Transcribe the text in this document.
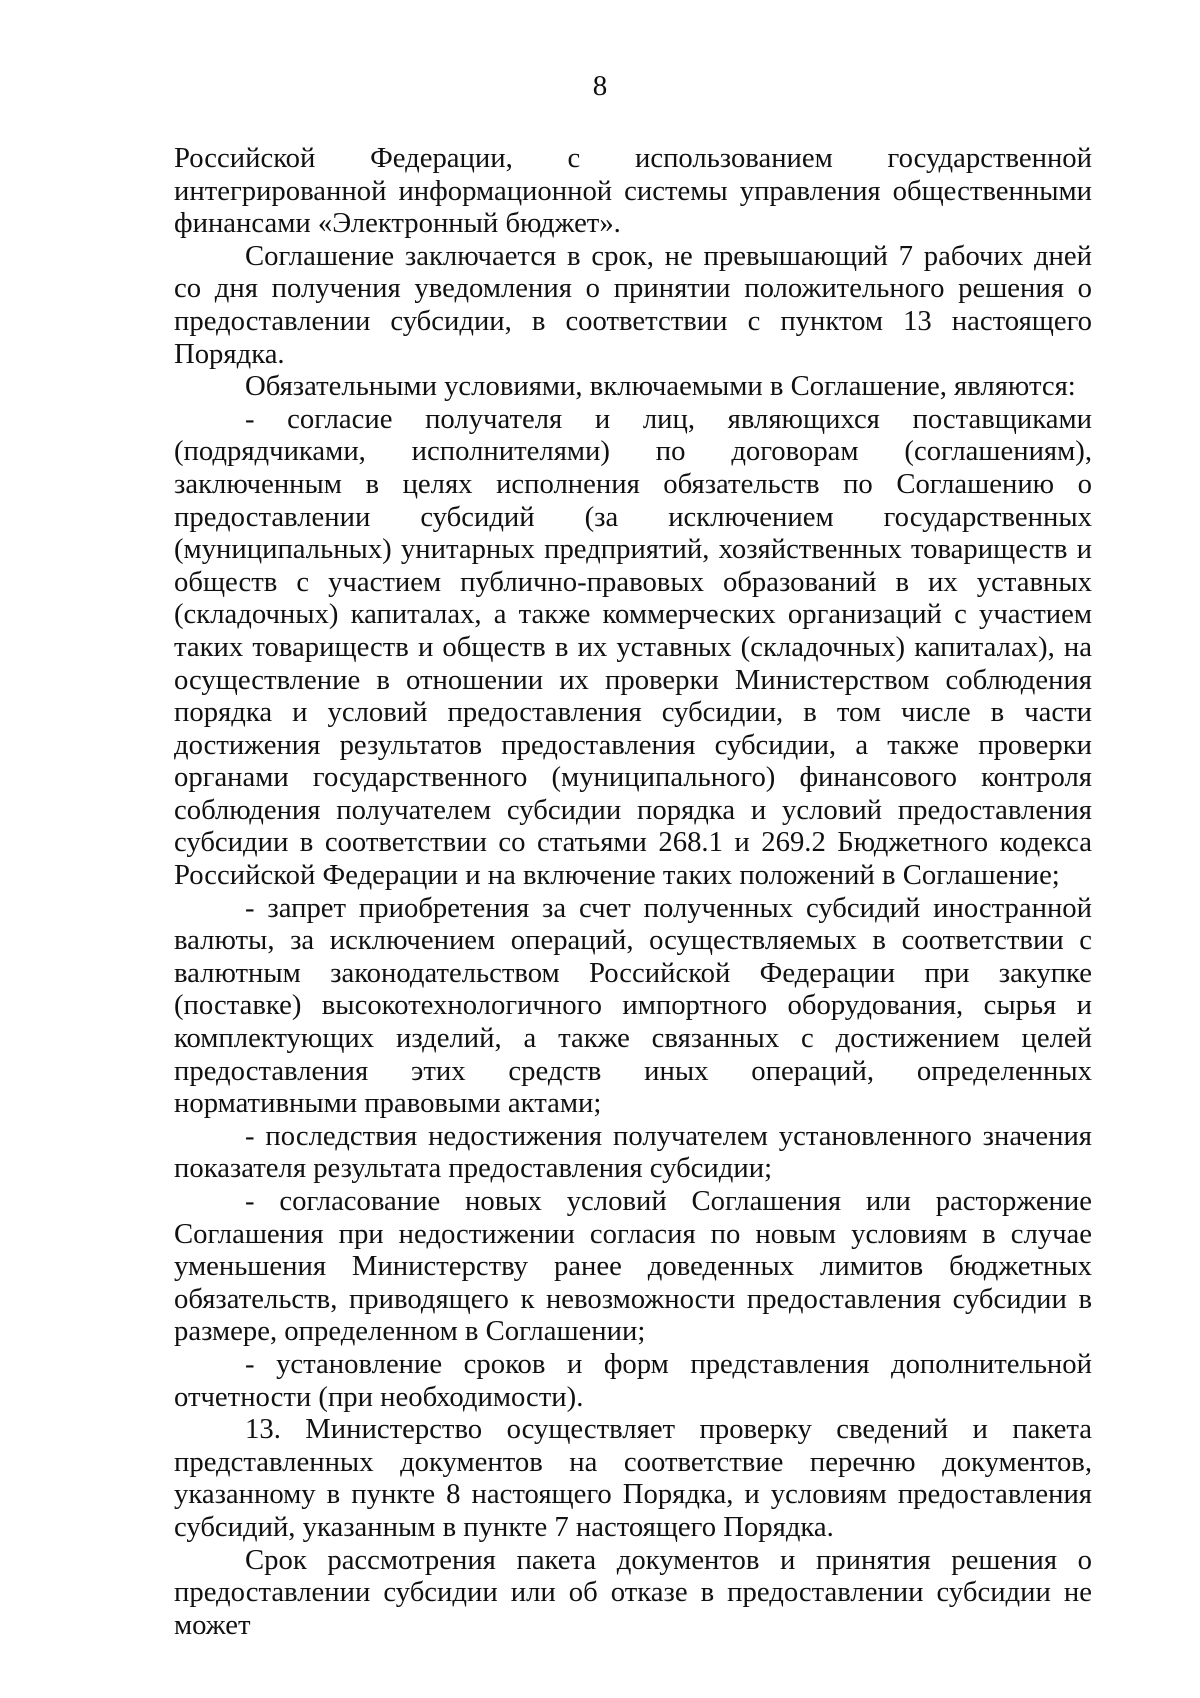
8

Российской Федерации, с использованием государственной интегрированной информационной системы управления общественными финансами «Электронный бюджет».

Соглашение заключается в срок, не превышающий 7 рабочих дней со дня получения уведомления о принятии положительного решения о предоставлении субсидии, в соответствии с пунктом 13 настоящего Порядка.

Обязательными условиями, включаемыми в Соглашение, являются:

- согласие получателя и лиц, являющихся поставщиками (подрядчиками, исполнителями) по договорам (соглашениям), заключенным в целях исполнения обязательств по Соглашению о предоставлении субсидий (за исключением государственных (муниципальных) унитарных предприятий, хозяйственных товариществ и обществ с участием публично-правовых образований в их уставных (складочных) капиталах, а также коммерческих организаций с участием таких товариществ и обществ в их уставных (складочных) капиталах), на осуществление в отношении их проверки Министерством соблюдения порядка и условий предоставления субсидии, в том числе в части достижения результатов предоставления субсидии, а также проверки органами государственного (муниципального) финансового контроля соблюдения получателем субсидии порядка и условий предоставления субсидии в соответствии со статьями 268.1 и 269.2 Бюджетного кодекса Российской Федерации и на включение таких положений в Соглашение;

- запрет приобретения за счет полученных субсидий иностранной валюты, за исключением операций, осуществляемых в соответствии с валютным законодательством Российской Федерации при закупке (поставке) высокотехнологичного импортного оборудования, сырья и комплектующих изделий, а также связанных с достижением целей предоставления этих средств иных операций, определенных нормативными правовыми актами;

- последствия недостижения получателем установленного значения показателя результата предоставления субсидии;

- согласование новых условий Соглашения или расторжение Соглашения при недостижении согласия по новым условиям в случае уменьшения Министерству ранее доведенных лимитов бюджетных обязательств, приводящего к невозможности предоставления субсидии в размере, определенном в Соглашении;

- установление сроков и форм представления дополнительной отчетности (при необходимости).

13. Министерство осуществляет проверку сведений и пакета представленных документов на соответствие перечню документов, указанному в пункте 8 настоящего Порядка, и условиям предоставления субсидий, указанным в пункте 7 настоящего Порядка.

Срок рассмотрения пакета документов и принятия решения о предоставлении субсидии или об отказе в предоставлении субсидии не может
